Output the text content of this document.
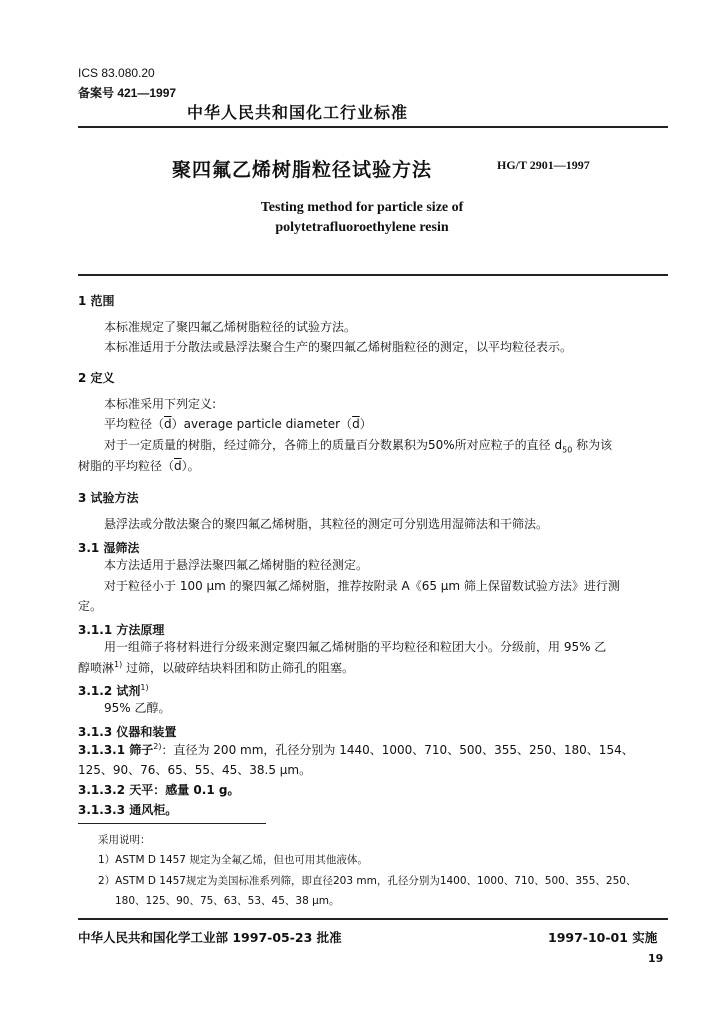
ICS 83.080.20
备案号 421—1997
中华人民共和国化工行业标准
聚四氟乙烯树脂粒径试验方法	HG/T 2901—1997
Testing method for particle size of
polytetrafluoroethylene resin
1 范围
本标准规定了聚四氟乙烯树脂粒径的试验方法。
本标准适用于分散法或悬浮法聚合生产的聚四氟乙烯树脂粒径的测定，以平均粒径表示。
2 定义
本标准采用下列定义:
平均粒径$(\overline{d})average$ particle $diameter(\overline{d})$
对于一定质量的树脂，经过筛分，各筛上的质量百分数累积为50%所对应粒子的直径 $d_{50}$ 称为该
树脂的平均粒径$(\overline{d})$。
3 试验方法
悬浮法或分散法聚合的聚四氟乙烯树脂，其粒径的测定可分别选用湿筛法和干筛法。
3.1 湿筛法
本方法适用于悬浮法聚四氟乙烯树脂的粒径测定。
对于粒径小于 100 μm 的聚四氟乙烯树脂，推荐按附录 A《65 μm 筛上保留数试验方法》进行测
定。
3.1.1 方法原理
用一组筛子将材料进行分级来测定聚四氟乙烯树脂的平均粒径和粒团大小。分级前，用 95% 乙
醇喷淋$^{1)}$ 过筛，以破碎结块料团和防止筛孔的阻塞。
3.1.2 试剂$^{1)}$
95% 乙醇。
3.1.3 仪器和装置
3.1.3.1 筛子$^{2)}$：直径为 200 mm，孔径分别为 1440、1000、710、500、355、250、180、154、
125、90、76、65、55、45、38.5 μm。
3.1.3.2 天平：感量 0.1 g。
3.1.3.3 通风柜。
采用说明：
1）ASTM D 1457 规定为全氟乙烯，但也可用其他液体。
2）ASTM D 1457规定为美国标准系列筛，即直径203 mm，孔径分别为1400、1000、710、500、355、250、
180、125、90、75、63、53、45、38 μm。
中华人民共和国化学工业部 1997-05-23 批准	1997-10-01 实施
19
